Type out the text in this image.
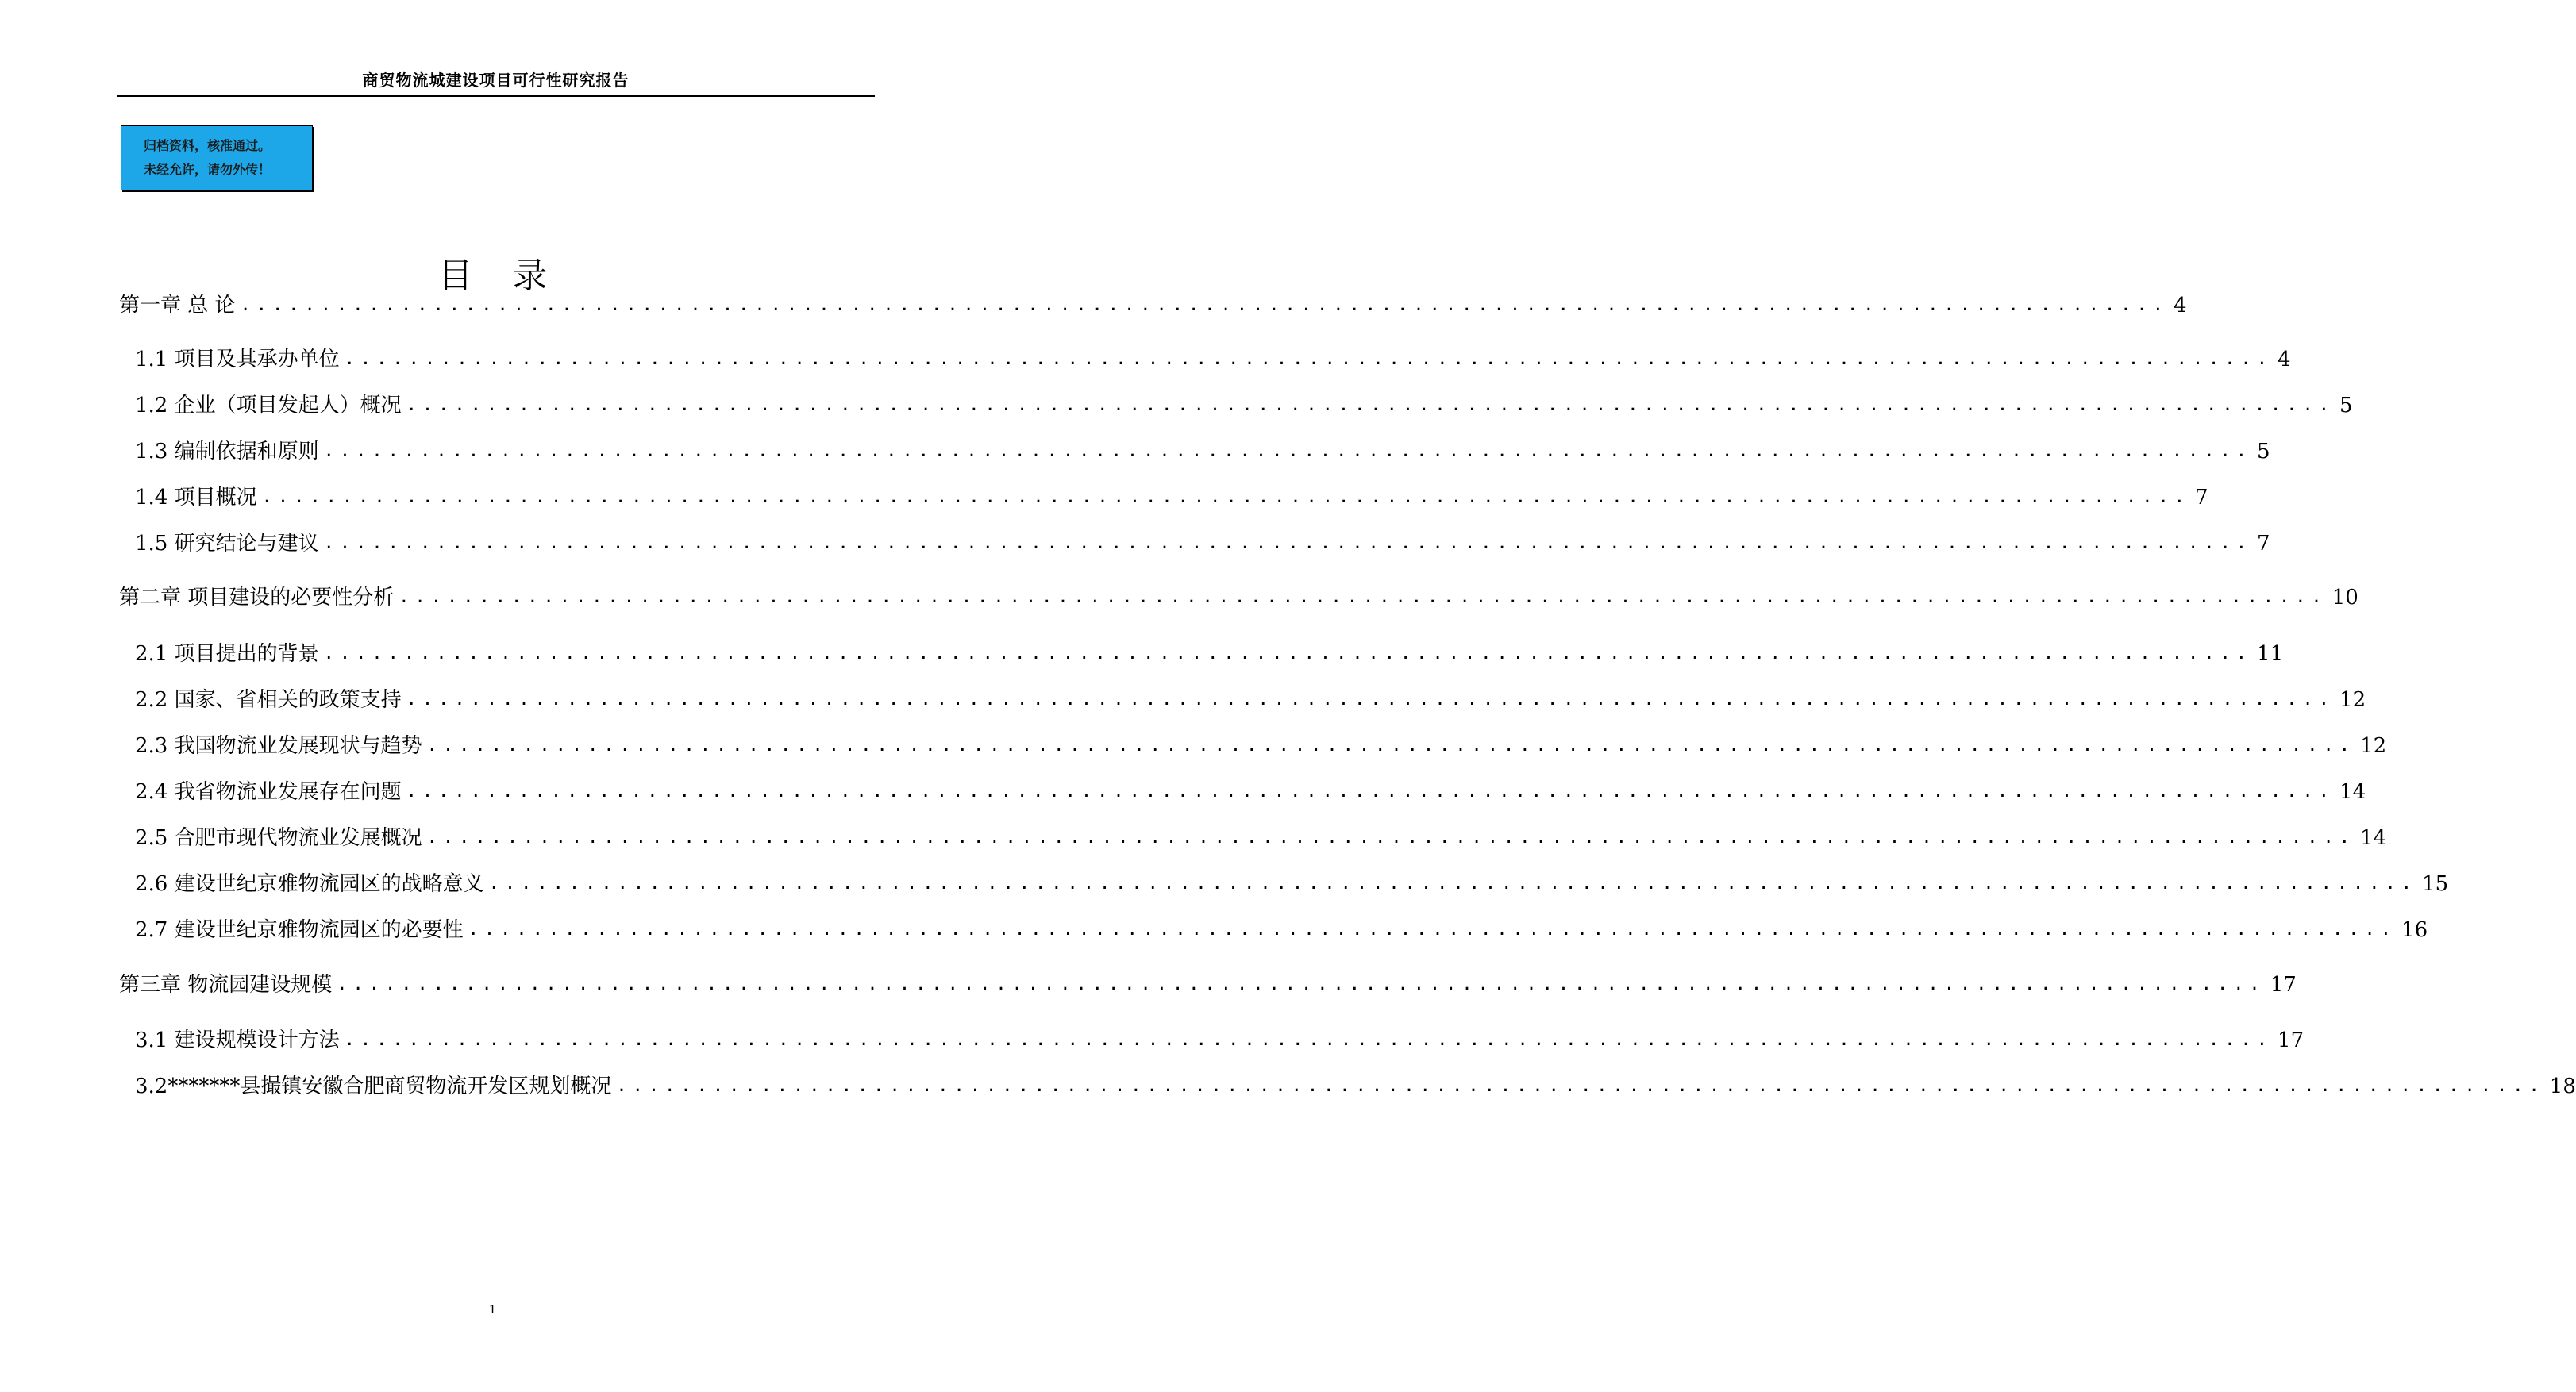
商贸物流城建设项目可行性研究报告
归档资料，核准通过。
未经允许，请勿外传！
目录
第一章 总 论 ........................................................................................................................ 4
1.1 项目及其承办单位 ........................................................................................................................ 4
1.2 企业（项目发起人）概况 ........................................................................................................................ 5
1.3 编制依据和原则 ........................................................................................................................ 5
1.4 项目概况 ........................................................................................................................ 7
1.5 研究结论与建议 ........................................................................................................................ 7
第二章 项目建设的必要性分析 ........................................................................................................................ 10
2.1 项目提出的背景 ........................................................................................................................ 11
2.2 国家、省相关的政策支持 ........................................................................................................................ 12
2.3 我国物流业发展现状与趋势 ........................................................................................................................ 12
2.4 我省物流业发展存在问题 ........................................................................................................................ 14
2.5 合肥市现代物流业发展概况 ........................................................................................................................ 14
2.6 建设世纪京雅物流园区的战略意义 ........................................................................................................................ 15
2.7 建设世纪京雅物流园区的必要性 ........................................................................................................................ 16
第三章 物流园建设规模 ........................................................................................................................ 17
3.1 建设规模设计方法 ........................................................................................................................ 17
3.2*******县撮镇安徽合肥商贸物流开发区规划概况 ........................................................................................................................ 18
1
